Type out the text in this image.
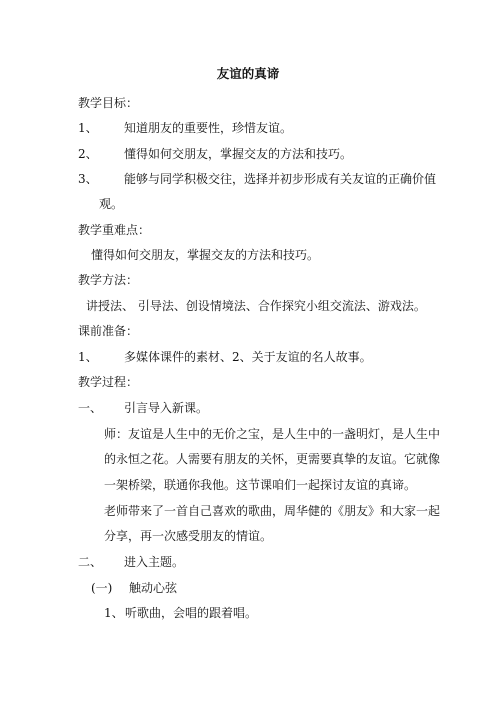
友谊的真谛
教学目标：
1、 知道朋友的重要性，珍惜友谊。
2、 懂得如何交朋友，掌握交友的方法和技巧。
3、 能够与同学积极交往，选择并初步形成有关友谊的正确价值
观。
教学重难点：
懂得如何交朋友，掌握交友的方法和技巧。
教学方法：
讲授法、 引导法、创设情境法、合作探究小组交流法、游戏法。
课前准备：
1、 多媒体课件的素材、2、关于友谊的名人故事。
教学过程：
一、 引言导入新课。
师：友谊是人生中的无价之宝，是人生中的一盏明灯，是人生中
的永恒之花。人需要有朋友的关怀，更需要真挚的友谊。它就像
一架桥梁，联通你我他。这节课咱们一起探讨友谊的真谛。
老师带来了一首自己喜欢的歌曲，周华健的《朋友》和大家一起
分享，再一次感受朋友的情谊。
二、 进入主题。
(一) 触动心弦
1、 听歌曲，会唱的跟着唱。
